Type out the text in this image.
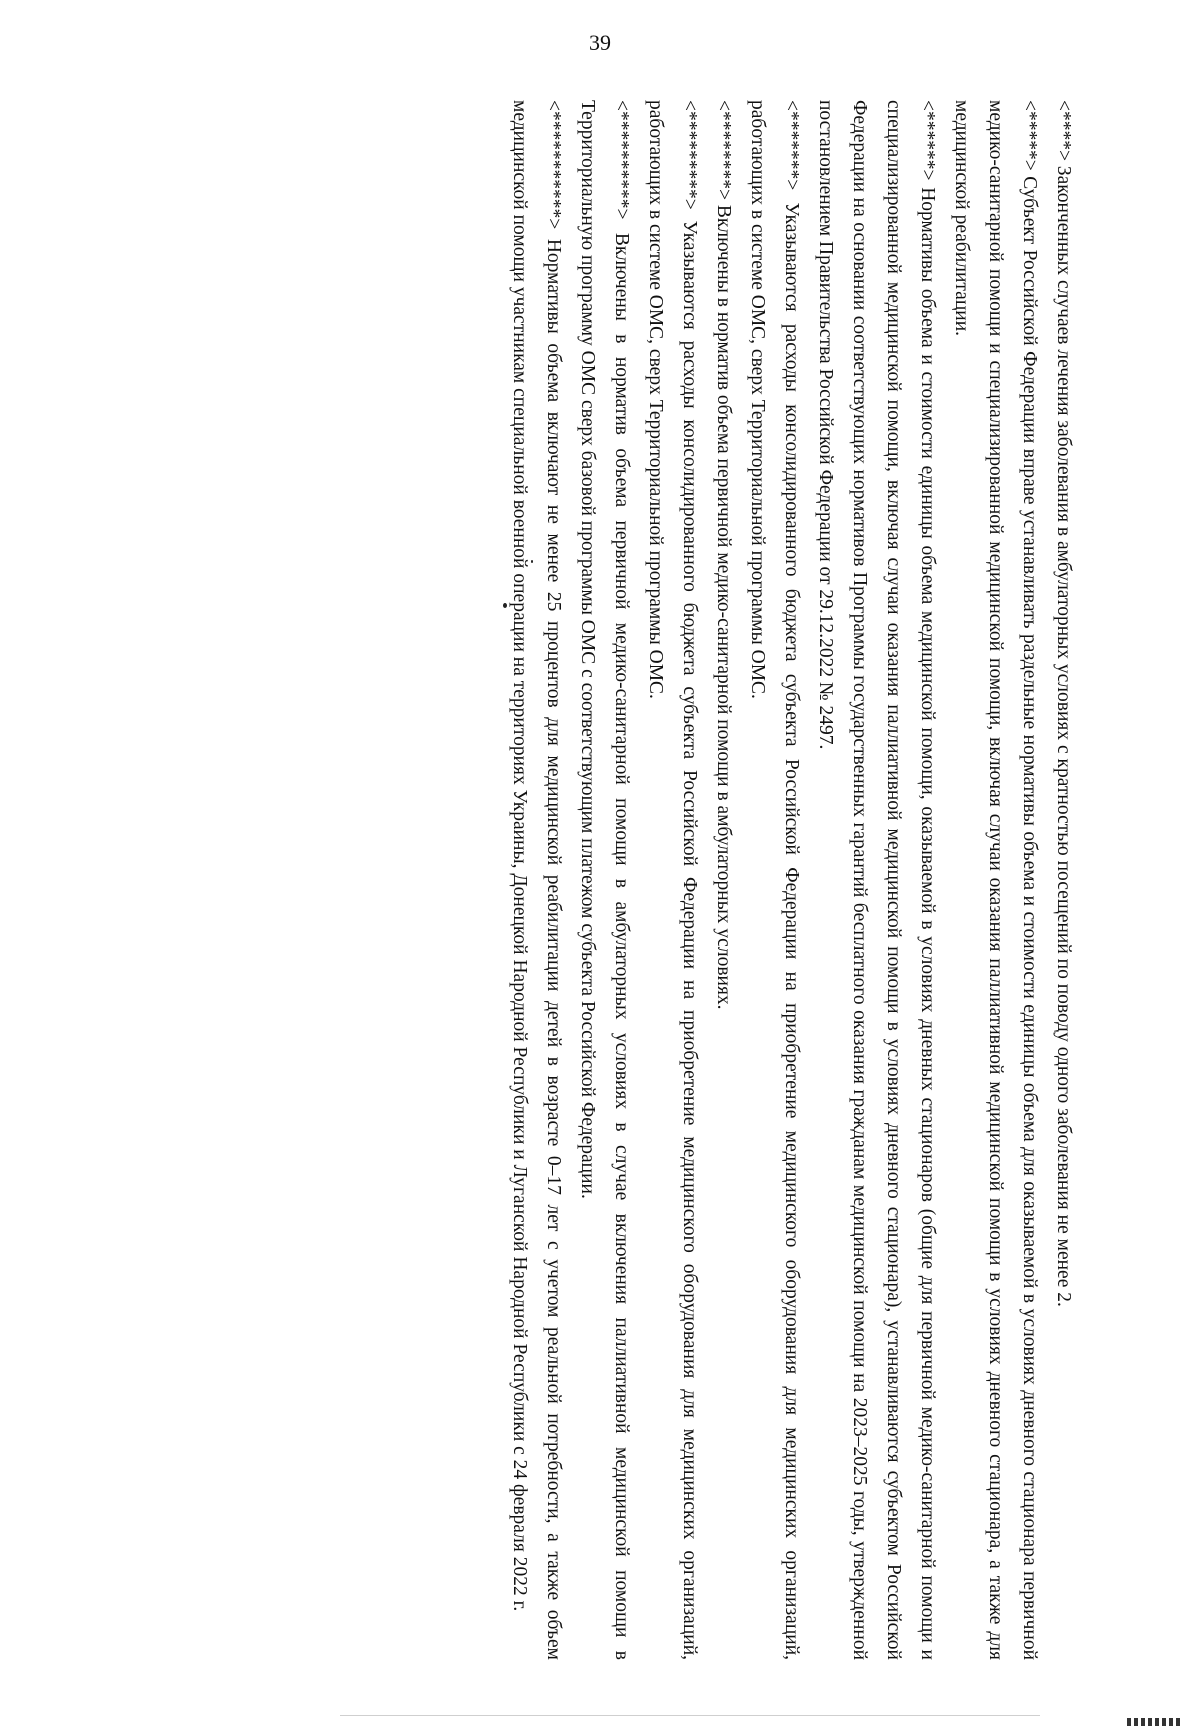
39

<****> Законченных случаев лечения заболевания в амбулаторных условиях с кратностью посещений по поводу одного заболевания не менее 2.

<*****> Субъект Российской Федерации вправе устанавливать раздельные нормативы объема и стоимости единицы объема для оказываемой в условиях дневного стационара первичной медико-санитарной помощи и специализированной медицинской помощи, включая случаи оказания паллиативной медицинской помощи в условиях дневного стационара, а также для медицинской реабилитации.

<******> Нормативы объема и стоимости единицы объема медицинской помощи, оказываемой в условиях дневных стационаров (общие для первичной медико-санитарной помощи и специализированной медицинской помощи, включая случаи оказания паллиативной медицинской помощи в условиях дневного стационара), устанавливаются субъектом Российской Федерации на основании соответствующих нормативов Программы государственных гарантий бесплатного оказания гражданам медицинской помощи на 2023–2025 годы, утвержденной постановлением Правительства Российской Федерации от 29.12.2022 № 2497.

<*******> Указываются расходы консолидированного бюджета субъекта Российской Федерации на приобретение медицинского оборудования для медицинских организаций, работающих в системе ОМС, сверх Территориальной программы ОМС.

<********> Включены в норматив объема первичной медико-санитарной помощи в амбулаторных условиях.

<*********> Указываются расходы консолидированного бюджета субъекта Российской Федерации на приобретение медицинского оборудования для медицинских организаций, работающих в системе ОМС, сверх Территориальной программы ОМС.

<**********> Включены в норматив объема первичной медико-санитарной помощи в амбулаторных условиях в случае включения паллиативной медицинской помощи в Территориальную программу ОМС сверх базовой программы ОМС с соответствующим платежом субъекта Российской Федерации.

<***********> Нормативы объема включают не менее 25 процентов для медицинской реабилитации детей в возрасте 0–17 лет с учетом реальной потребности, а также объем медицинской помощи участникам специальной военной операции на территориях Украины, Донецкой Народной Республики и Луганской Народной Республики с 24 февраля 2022 г.
